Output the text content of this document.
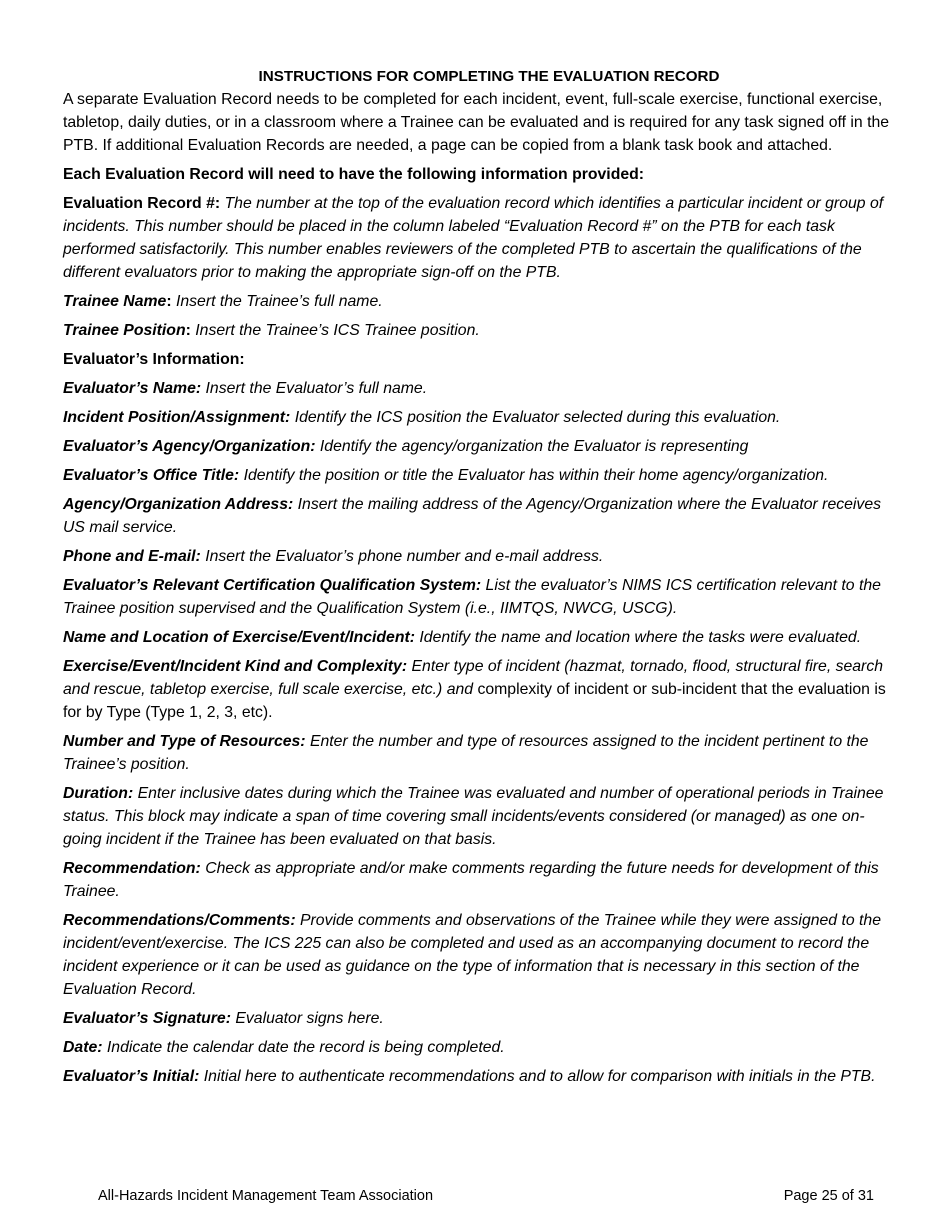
INSTRUCTIONS FOR COMPLETING THE EVALUATION RECORD

A separate Evaluation Record needs to be completed for each incident, event, full-scale exercise, functional exercise, tabletop, daily duties, or in a classroom where a Trainee can be evaluated and is required for any task signed off in the PTB. If additional Evaluation Records are needed, a page can be copied from a blank task book and attached.

Each Evaluation Record will need to have the following information provided:

Evaluation Record #: The number at the top of the evaluation record which identifies a particular incident or group of incidents. This number should be placed in the column labeled “Evaluation Record #” on the PTB for each task performed satisfactorily. This number enables reviewers of the completed PTB to ascertain the qualifications of the different evaluators prior to making the appropriate sign-off on the PTB.

Trainee Name: Insert the Trainee’s full name.

Trainee Position: Insert the Trainee’s ICS Trainee position.

Evaluator’s Information:

Evaluator’s Name: Insert the Evaluator’s full name.

Incident Position/Assignment: Identify the ICS position the Evaluator selected during this evaluation.

Evaluator’s Agency/Organization: Identify the agency/organization the Evaluator is representing

Evaluator’s Office Title: Identify the position or title the Evaluator has within their home agency/organization.

Agency/Organization Address: Insert the mailing address of the Agency/Organization where the Evaluator receives US mail service.

Phone and E-mail: Insert the Evaluator’s phone number and e-mail address.

Evaluator’s Relevant Certification Qualification System: List the evaluator’s NIMS ICS certification relevant to the Trainee position supervised and the Qualification System (i.e., IIMTQS, NWCG, USCG).

Name and Location of Exercise/Event/Incident: Identify the name and location where the tasks were evaluated.

Exercise/Event/Incident Kind and Complexity: Enter type of incident (hazmat, tornado, flood, structural fire, search and rescue, tabletop exercise, full scale exercise, etc.) and complexity of incident or sub-incident that the evaluation is for by Type (Type 1, 2, 3, etc).

Number and Type of Resources: Enter the number and type of resources assigned to the incident pertinent to the Trainee’s position.

Duration: Enter inclusive dates during which the Trainee was evaluated and number of operational periods in Trainee status. This block may indicate a span of time covering small incidents/events considered (or managed) as one on-going incident if the Trainee has been evaluated on that basis.

Recommendation: Check as appropriate and/or make comments regarding the future needs for development of this Trainee.

Recommendations/Comments: Provide comments and observations of the Trainee while they were assigned to the incident/event/exercise. The ICS 225 can also be completed and used as an accompanying document to record the incident experience or it can be used as guidance on the type of information that is necessary in this section of the Evaluation Record.

Evaluator’s Signature: Evaluator signs here.

Date: Indicate the calendar date the record is being completed.

Evaluator’s Initial: Initial here to authenticate recommendations and to allow for comparison with initials in the PTB.

All-Hazards Incident Management Team Association	Page 25 of 31
